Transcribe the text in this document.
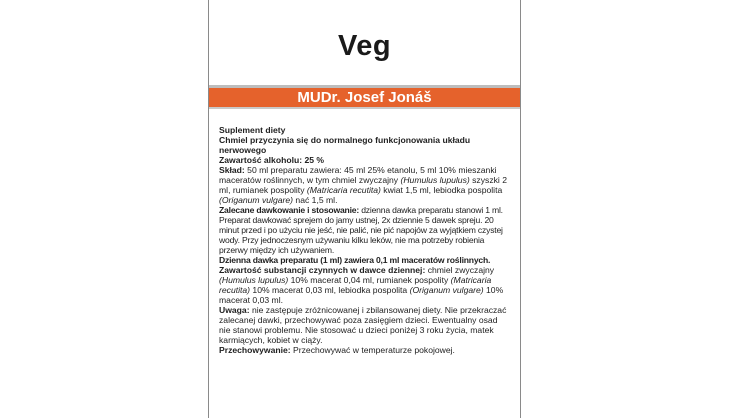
Veg
MUDr. Josef Jonáš

Suplement diety

Chmiel przyczynia się do normalnego funkcjonowania układu nerwowego

Zawartość alkoholu: 25 %

Skład: 50 ml preparatu zawiera: 45 ml 25% etanolu, 5 ml 10% mieszanki maceratów roślinnych, w tym chmiel zwyczajny (Humulus lupulus) szyszki 2 ml, rumianek pospolity (Matricaria recutita) kwiat 1,5 ml, lebiodka pospolita (Origanum vulgare) nać 1,5 ml.

Zalecane dawkowanie i stosowanie: dzienna dawka preparatu stanowi 1 ml. Preparat dawkować sprejem do jamy ustnej, 2x dziennie 5 dawek spreju. 20 minut przed i po użyciu nie jeść, nie palić, nie pić napojów za wyjątkiem czystej wody. Przy jednoczesnym używaniu kilku leków, nie ma potrzeby robienia przerwy między ich używaniem.

Dzienna dawka preparatu (1 ml) zawiera 0,1 ml maceratów roślinnych.

Zawartość substancji czynnych w dawce dziennej: chmiel zwyczajny (Humulus lupulus) 10% macerat 0,04 ml, rumianek pospolity (Matricaria recutita) 10% macerat 0,03 ml, lebiodka pospolita (Origanum vulgare) 10% macerat 0,03 ml.

Uwaga: nie zastępuje zróżnicowanej i zbilansowanej diety. Nie przekraczać zalecanej dawki, przechowywać poza zasięgiem dzieci. Ewentualny osad nie stanowi problemu. Nie stosować u dzieci poniżej 3 roku życia, matek karmiących, kobiet w ciąży.

Przechowywanie: Przechowywać w temperaturze pokojowej.
